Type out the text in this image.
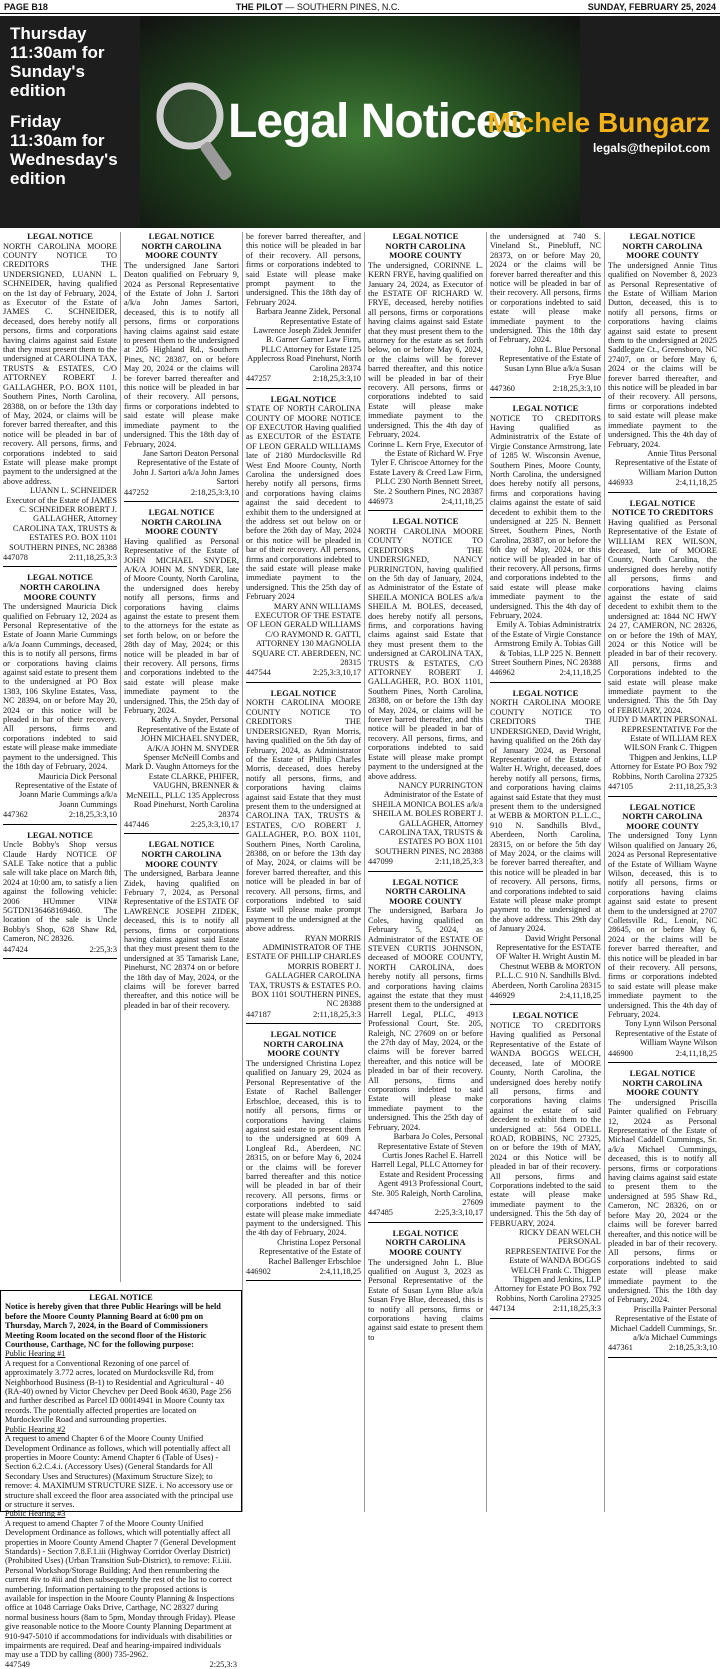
PAGE B18	THE PILOT — SOUTHERN PINES, N.C.	SUNDAY, FEBRUARY 25, 2024

Thursday 11:30am for Sunday's edition

Friday 11:30am for Wednesday's edition

Legal Notices
Michele Bungarz
legals@thepilot.com
LEGAL NOTICE
NORTH CAROLINA MOORE COUNTY NOTICE TO CREDITORS THE UNDERSIGNED, LUANN L. SCHNEIDER, having qualified on the 1st day of February, 2024, as Executor of the Estate of JAMES C. SCHNEIDER, deceased, does hereby notify all persons, firms and corporations having claims against said Estate that they must present them to the undersigned at CAROLINA TAX, TRUSTS & ESTATES, C/O ATTORNEY ROBERT J. GALLAGHER, P.O. BOX 1101, Southern Pines, North Carolina, 28388, on or before the 13th day of May, 2024, or claims will be forever barred thereafter, and this notice will be pleaded in bar of recovery. All persons, firms, and corporations indebted to said Estate will please make prompt payment to the undersigned at the above address.
LUANN L. SCHNEIDER Executor of the Estate of JAMES C. SCHNEIDER ROBERT J. GALLAGHER, Attorney CAROLINA TAX, TRUSTS & ESTATES P.O. BOX 1101 SOUTHERN PINES, NC 28388
447078	2:11,18,25,3:3
LEGAL NOTICE
NORTH CAROLINA MOORE COUNTY
The undersigned Mauricia Dick qualified on February 12, 2024 as Personal Representative of the Estate of Joann Marie Cummings a/k/a Joann Cummings, deceased, this is to notify all persons, firms or corporations having claims against said estate to present them to the undersigned at PO Box 1383, 106 Skyline Estates, Vass, NC 28394, on or before May 20, 2024 or this notice will be pleaded in bar of their recovery. All persons, firms and corporations indebted to said estate will please make immediate payment to the undersigned. This the 18th day of February, 2024.
Mauricia Dick Personal Representative of the Estate of Joann Marie Cummings a/k/a Joann Cummings
447362	2:18,25,3:3,10
LEGAL NOTICE
Uncle Bobby's Shop versus Claude Hardy NOTICE OF SALE Take notice that a public sale will take place on March 8th, 2024 at 10:00 am, to satisfy a lien against the following vehicle: 2006 HUmmer VIN# 5GTDN136468169460. The location of the sale is Uncle Bobby's Shop, 628 Shaw Rd, Cameron, NC 28326.
447424	2:25,3:3
LEGAL NOTICE
NORTH CAROLINA MOORE COUNTY
The undersigned Jane Sartori Deaton qualified on February 9, 2024 as Personal Representative of the Estate of John J. Sartori a/k/a John James Sartori, deceased, this is to notify all persons, firms or corporations having claims against said estate to present them to the undersigned at 205 Highland Rd., Southern Pines, NC 28387, on or before May 20, 2024 or the claims will be forever barred thereafter and this notice will be pleaded in bar of their recovery. All persons, firms or corporations indebted to said estate will please make immediate payment to the undersigned. This the 18th day of February, 2024.
Jane Sartori Deaton Personal Representative of the Estate of John J. Sartori a/k/a John James Sartori
447252	2:18,25,3:3,10
LEGAL NOTICE
NORTH CAROLINA MOORE COUNTY
Having qualified as Personal Representative of the Estate of JOHN MICHAEL SNYDER, A/K/A JOHN M. SNYDER, late of Moore County, North Carolina, the undersigned does hereby notify all persons, firms and corporations having claims against the estate to present them to the attorneys for the estate as set forth below, on or before the 28th day of May, 2024; or this notice will be pleaded in bar of their recovery. All persons, firms and corporations indebted to the said estate will please make immediate payment to the undersigned. This, the 25th day of February, 2024.
Kathy A. Snyder, Personal Representative of the Estate of JOHN MICHAEL SNYDER, A/K/A JOHN M. SNYDER Spenser McNeill Combs and Mark D. Vaughn Attorneys for the Estate CLARKE, PHIFER, VAUGHN, BRENNER & McNEILL, PLLC 135 Applecross Road Pinehurst, North Carolina 28374
447446	2:25,3:3,10,17
LEGAL NOTICE
NORTH CAROLINA MOORE COUNTY
The undersigned, Barbara Jeanne Zidek, having qualified on February 7, 2024, as Personal Representative of the ESTATE OF LAWRENCE JOSEPH ZIDEK, deceased, this is to notify all persons, firms or corporations having claims against said Estate that they must present them to the undersigned at 35 Tamarisk Lane, Pinehurst, NC 28374 on or before the 18th day of May, 2024, or the claims will be forever barred thereafter, and this notice will be pleaded in bar of their recovery.
be forever barred thereafter, and this notice will be pleaded in bar of their recovery. All persons, firms or corporations indebted to said Estate will please make prompt payment to the undersigned. This the 18th day of February 2024.
Barbara Jeanne Zidek, Personal Representative Estate of Lawrence Joseph Zidek Jennifer B. Garner Garner Law Firm, PLLC Attorney for Estate 125 Applecross Road Pinehurst, North Carolina 28374
447257	2:18,25,3:3,10
LEGAL NOTICE
STATE OF NORTH CAROLINA COUNTY OF MOORE NOTICE OF EXECUTOR Having qualified as EXECUTOR of the ESTATE OF LEON GERALD WILLIAMS late of 2180 Murdocksville Rd West End Moore County, North Carolina the undersigned does hereby notify all persons, firms and corporations having claims against the said decedent to exhibit them to the undersigned at the address set out below on or before the 26th day of May, 2024 or this notice will be pleaded in bar of their recovery. All persons, firms and corporations indebted to the said estate will please make immediate payment to the undersigned. This the 25th day of February 2024
MARY ANN WILLIAMS EXECUTOR OF THE ESTATE OF LEON GERALD WILLIAMS C/O RAYMOND R. GATTI, ATTORNEY 130 MAGNOLIA SQUARE CT. ABERDEEN, NC 28315
447544	2:25,3:3,10,17
LEGAL NOTICE
NORTH CAROLINA MOORE COUNTY NOTICE TO CREDITORS THE UNDERSIGNED, Ryan Morris, having qualified on the 5th day of February, 2024, as Administrator of the Estate of Phillip Charles Morris, deceased, does hereby notify all persons, firms, and corporations having claims against said Estate that they must present them to the undersigned at CAROLINA TAX, TRUSTS & ESTATES, C/O ROBERT J. GALLAGHER, P.O. BOX 1101, Southern Pines, North Carolina, 28388, on or before the 13th day of May, 2024, or claims will be forever barred thereafter, and this notice will be pleaded in bar of recovery. All persons, firms, and corporations indebted to said Estate will please make prompt payment to the undersigned at the above address.
RYAN MORRIS ADMINISTRATOR OF THE ESTATE OF PHILLIP CHARLES MORRIS ROBERT J. GALLAGHER CAROLINA TAX, TRUSTS & ESTATES P.O. BOX 1101 SOUTHERN PINES, NC 28388
447187	2:11,18,25,3:3
LEGAL NOTICE
NORTH CAROLINA MOORE COUNTY
The undersigned Christina Lopez qualified on January 29, 2024 as Personal Representative of the Estate of Rachel Ballenger Erbschloe, deceased, this is to notify all persons, firms or corporations having claims against said estate to present them to the undersigned at 609 A Longleaf Rd., Aberdeen, NC 28315, on or before May 6, 2024 or the claims will be forever barred thereafter and this notice will be pleaded in bar of their recovery. All persons, firms or corporations indebted to said estate will please make immediate payment to the undersigned. This the 4th day of February, 2024.
Christina Lopez Personal Representative of the Estate of Rachel Ballenger Erbschloe
446902	2:4,11,18,25
LEGAL NOTICE
NORTH CAROLINA MOORE COUNTY
The undersigned, CORINNE L. KERN FRYE, having qualified on January 24, 2024, as Executor of the ESTATE OF RICHARD W. FRYE, deceased, hereby notifies all persons, firms or corporations having claims against said Estate that they must present them to the attorney for the estate as set forth below, on or before May 6, 2024, or the claims will be forever barred thereafter, and this notice will be pleaded in bar of their recovery. All persons, firms or corporations indebted to said Estate will please make immediate payment to the undersigned. This the 4th day of February, 2024.
Corinne L. Kern Frye, Executor of the Estate of Richard W. Frye Tyler F. Chriscoe Attorney for the Estate Lavery & Creed Law Firm, PLLC 230 North Bennett Street, Ste. 2 Southern Pines, NC 28387
446973	2:4,11,18,25
LEGAL NOTICE
NORTH CAROLINA MOORE COUNTY NOTICE TO CREDITORS THE UNDERSIGNED, NANCY PURRINGTON, having qualified on the 5th day of January, 2024, as Administrator of the Estate of SHEILA MONICA BOLES a/k/a SHEILA M. BOLES, deceased, does hereby notify all persons, firms, and corporations having claims against said Estate that they must present them to the undersigned at CAROLINA TAX, TRUSTS & ESTATES, C/O ATTORNEY ROBERT J. GALLAGHER, P.O. BOX 1101, Southern Pines, North Carolina, 28388, on or before the 13th day of May, 2024, or claims will be forever barred thereafter, and this notice will be pleaded in bar of recovery. All persons, firms, and corporations indebted to said Estate will please make prompt payment to the undersigned at the above address.
NANCY PURRINGTON Administrator of the Estate of SHEILA MONICA BOLES a/k/a SHEILA M. BOLES ROBERT J. GALLAGHER, Attorney CAROLINA TAX, TRUSTS & ESTATES PO BOX 1101 SOUTHERN PINES, NC 28388
447099	2:11,18,25,3:3
LEGAL NOTICE
NORTH CAROLINA MOORE COUNTY
The undersigned, Barbara Jo Coles, having qualified on February 5, 2024, as Administrator of the ESTATE OF STEVEN CURTIS JOHNSON, deceased of MOORE COUNTY, NORTH CAROLINA, does hereby notify all persons, firms and corporations having claims against the estate that they must present them to the undersigned at Harrell Legal, PLLC, 4913 Professional Court, Ste. 205, Raleigh, NC 27609 on or before the 27th day of May, 2024, or the claims will be forever barred thereafter, and this notice will be pleaded in bar of their recovery. All persons, firms and corporations indebted to said Estate will please make immediate payment to the undersigned. This the 25th day of February, 2024.
Barbara Jo Coles, Personal Representative Estate of Steven Curtis Jones Rachel E. Harrell Harrell Legal, PLLC Attorney for Estate and Resident Processing Agent 4913 Professional Court, Ste. 305 Raleigh, North Carolina, 27609
447485	2:25,3:3,10,17
LEGAL NOTICE
NORTH CAROLINA MOORE COUNTY
The undersigned John L. Blue qualified on August 3, 2023 as Personal Representative of the Estate of Susan Lynn Blue a/k/a Susan Frye Blue, deceased, this is to notify all persons, firms or corporations having claims against said estate to present them to
the undersigned at 740 S. Vineland St., Pinebluff, NC 28373, on or before May 20, 2024 or the claims will be forever barred thereafter and this notice will be pleaded in bar of their recovery. All persons, firms or corporations indebted to said estate will please make immediate payment to the undersigned. This the 18th day of February, 2024.
John L. Blue Personal Representative of the Estate of Susan Lynn Blue a/k/a Susan Frye Blue
447360	2:18,25,3:3,10
LEGAL NOTICE
NOTICE TO CREDITORS Having qualified as Administratrix of the Estate of Virgie Constance Armstrong, late of 1285 W. Wisconsin Avenue, Southern Pines, Moore County, North Carolina, the undersigned does hereby notify all persons, firms and corporations having claims against the estate of said decedent to exhibit them to the undersigned at 225 N. Bennett Street, Southern Pines, North Carolina, 28387, on or before the 6th day of May, 2024, or this notice will be pleaded in bar of their recovery. All persons, firms and corporations indebted to the said estate will please make immediate payment to the undersigned. This the 4th day of February, 2024.
Emily A. Tobias Administratrix of the Estate of Virgie Constance Armstrong Emily A. Tobias Gill & Tobias, LLP 225 N. Bennett Street Southern Pines, NC 28388
446962	2:4,11,18,25
LEGAL NOTICE
NORTH CAROLINA MOORE COUNTY NOTICE TO CREDITORS THE UNDERSIGNED, David Wright, having qualified on the 26th day of January 2024, as Personal Representative of the Estate of Walter H. Wright, deceased, does hereby notify all persons, firms, and corporations having claims against said Estate that they must present them to the undersigned at WEBB & MORTON P.L.L.C., 910 N. Sandhills Blvd., Aberdeen, North Carolina, 28315, on or before the 5th day of May 2024, or the claims will be forever barred thereafter, and this notice will be pleaded in bar of recovery. All persons, firms, and corporations indebted to said Estate will please make prompt payment to the undersigned at the above address. This 29th day of January 2024.
David Wright Personal Representative for the ESTATE OF Walter H. Wright Austin M. Chestnut WEBB & MORTON P.L.L.C. 910 N. Sandhills Blvd. Aberdeen, North Carolina 28315
446929	2:4,11,18,25
LEGAL NOTICE
NOTICE TO CREDITORS Having qualified as Personal Representative of the Estate of WANDA BOGGS WELCH, deceased, late of MOORE County, North Carolina, the undersigned does hereby notify all persons, firms and corporations having claims against the estate of said decedent to exhibit them to the undersigned at: 564 ODELL ROAD, ROBBINS, NC 27325, on or before the 19th of MAY, 2024 or this Notice will be pleaded in bar of their recovery. All persons, firms and Corporations indebted to the said estate will please make immediate payment to the undersigned. This the 5th day of FEBRUARY, 2024.
RICKY DEAN WELCH PERSONAL REPRESENTATIVE For the Estate of WANDA BOGGS WELCH Frank C. Thigpen Thigpen and Jenkins, LLP Attorney for Estate PO Box 792 Robbins, North Carolina 27325
447134	2:11,18,25,3:3
LEGAL NOTICE
NORTH CAROLINA MOORE COUNTY
The undersigned Annie Titus qualified on November 8, 2023 as Personal Representative of the Estate of William Marion Dutton, deceased, this is to notify all persons, firms or corporations having claims against said estate to present them to the undersigned at 2025 Saddlegate Ct., Greensboro, NC 27407, on or before May 6, 2024 or the claims will be forever barred thereafter, and this notice will be pleaded in bar of their recovery. All persons, firms or corporations indebted to said estate will please make immediate payment to the undersigned. This the 4th day of February, 2024.
Annie Titus Personal Representative of the Estate of William Marion Dutton
446933	2:4,11,18,25
LEGAL NOTICE
NOTICE TO CREDITORS
Having qualified as Personal Representative of the Estate of WILLIAM REX WILSON, deceased, late of MOORE County, North Carolina, the undersigned does hereby notify all persons, firms and corporations having claims against the estate of said decedent to exhibit them to the undersigned at: 1844 NC HWY 24 27, CAMERON, NC 28326, on or before the 19th of MAY, 2024 or this Notice will be pleaded in bar of their recovery. All persons, firms and Corporations indebted to the said estate will please make immediate payment to the undersigned. This the 5th Day of FEBRUARY, 2024.
JUDY D MARTIN PERSONAL REPRESENTATIVE For the Estate of WILLIAM REX WILSON Frank C. Thigpen Thigpen and Jenkins, LLP Attorney for Estate PO Box 792 Robbins, North Carolina 27325
447105	2:11,18,25,3:3
LEGAL NOTICE
NORTH CAROLINA MOORE COUNTY
The undersigned Tony Lynn Wilson qualified on January 26, 2024 as Personal Representative of the Estate of William Wayne Wilson, deceased, this is to notify all persons, firms or corporations having claims against said estate to present them to the undersigned at 2707 Colletsville Rd., Lenoir, NC 28645, on or before May 6, 2024 or the claims will be forever barred thereafter, and this notice will be pleaded in bar of their recovery. All persons, firms or corporations indebted to said estate will please make immediate payment to the undersigned. This the 4th day of February, 2024.
Tony Lynn Wilson Personal Representative of the Estate of William Wayne Wilson
446900	2:4,11,18,25
LEGAL NOTICE
NORTH CAROLINA MOORE COUNTY
The undersigned Priscilla Painter qualified on February 12, 2024 as Personal Representative of the Estate of Michael Caddell Cummings, Sr. a/k/a Michael Cummings, deceased, this is to notify all persons, firms or corporations having claims against said estate to present them to the undersigned at 595 Shaw Rd., Cameron, NC 28326, on or before May 20, 2024 or the claims will be forever barred thereafter, and this notice will be pleaded in bar of their recovery. All persons, firms or corporations indebted to said estate will please make immediate payment to the undersigned. This the 18th day of February, 2024.
Priscilla Painter Personal Representative of the Estate of Michael Caddell Cummings, Sr. a/k/a Michael Cummings
447361	2:18,25,3:3,10
LEGAL NOTICE
Notice is hereby given that three Public Hearings will be held before the Moore County Planning Board at 6:00 pm on Thursday, March 7, 2024, in the Board of Commissioners Meeting Room located on the second floor of the Historic Courthouse, Carthage, NC for the following purpose:
Public Hearing #1
A request for a Conventional Rezoning of one parcel of approximately 3.772 acres, located on Murdocksville Rd, from Neighborhood Business (B-1) to Residential and Agricultural - 40 (RA-40) owned by Victor Chevchev per Deed Book 4630, Page 256 and further described as Parcel ID 00014941 in Moore County tax records. The potentially affected properties are located on Murdocksville Road and surrounding properties.
Public Hearing #2
A request to amend Chapter 6 of the Moore County Unified Development Ordinance as follows, which will potentially affect all properties in Moore County: Amend Chapter 6 (Table of Uses) - Section 6.2.C.4.i. (Accessory Uses) (General Standards for All Secondary Uses and Structures) (Maximum Structure Size); to remove: 4. MAXIMUM STRUCTURE SIZE. i. No accessory use or structure shall exceed the floor area associated with the principal use or structure it serves.
Public Hearing #3
A request to amend Chapter 7 of the Moore County Unified Development Ordinance as follows, which will potentially affect all properties in Moore County Amend Chapter 7 (General Development Standards) - Section 7.8.F.1.iii (Highway Corridor Overlay District) (Prohibited Uses) (Urban Transition Sub-District), to remove: F.i.iii. Personal Workshop/Storage Building; And then renumbering the current #iv to #iii and then subsequently the rest of the list to correct numbering. Information pertaining to the proposed actions is available for inspection in the Moore County Planning & Inspections office at 1048 Carriage Oaks Drive, Carthage, NC 28327 during normal business hours (8am to 5pm, Monday through Friday). Please give reasonable notice to the Moore County Planning Department at 910-947-5010 if accommodations for individuals with disabilities or impairments are required. Deaf and hearing-impaired individuals may use a TDD by calling (800) 735-2962.
447549	2:25,3:3
